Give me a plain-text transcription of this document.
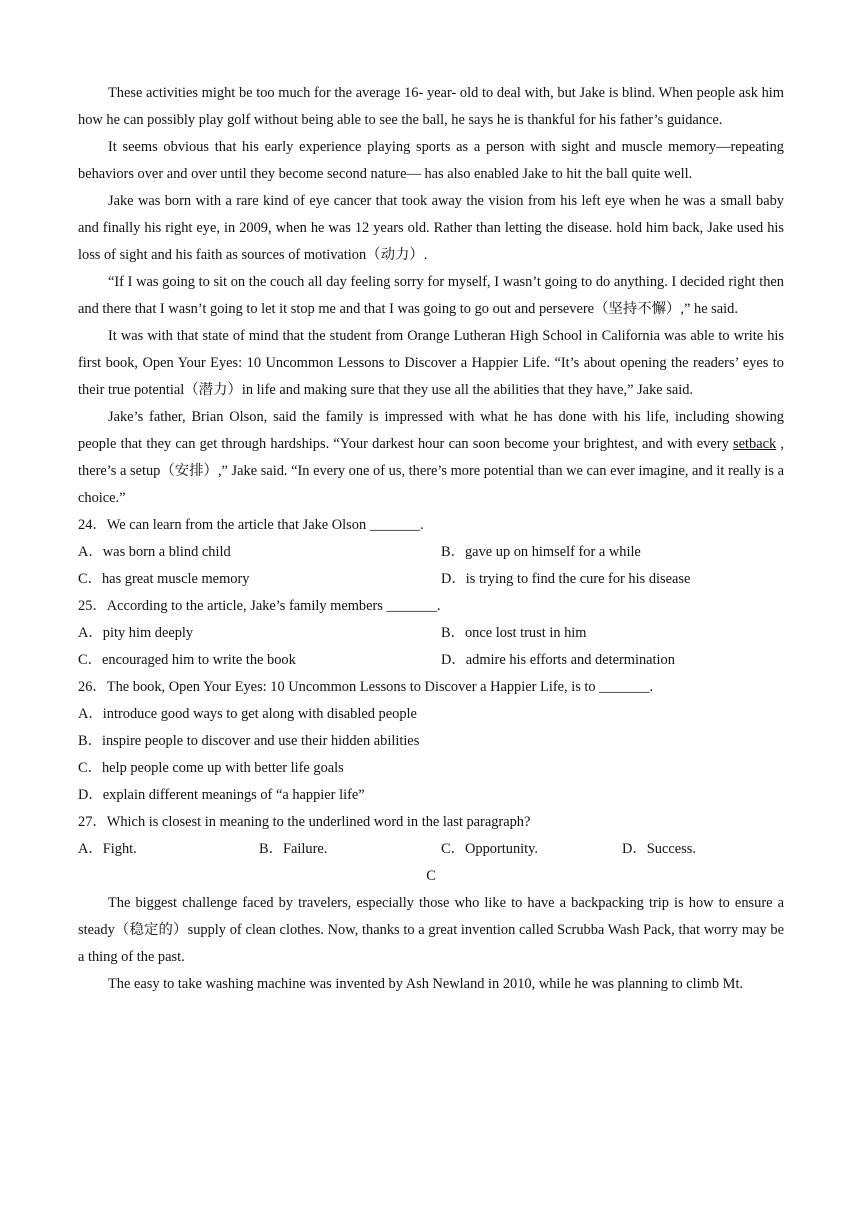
These activities might be too much for the average 16- year- old to deal with, but Jake is blind. When people ask him how he can possibly play golf without being able to see the ball, he says he is thankful for his father’s guidance.

It seems obvious that his early experience playing sports as a person with sight and muscle memory—repeating behaviors over and over until they become second nature— has also enabled Jake to hit the ball quite well.

Jake was born with a rare kind of eye cancer that took away the vision from his left eye when he was a small baby and finally his right eye, in 2009, when he was 12 years old. Rather than letting the disease. hold him back, Jake used his loss of sight and his faith as sources of motivation（动力）.

“If I was going to sit on the couch all day feeling sorry for myself, I wasn’t going to do anything. I decided right then and there that I wasn’t going to let it stop me and that I was going to go out and persevere（坚持不懈）,” he said.

It was with that state of mind that the student from Orange Lutheran High School in California was able to write his first book, Open Your Eyes: 10 Uncommon Lessons to Discover a Happier Life. “It’s about opening the readers’ eyes to their true potential（潜力）in life and making sure that they use all the abilities that they have,” Jake said.

Jake’s father, Brian Olson, said the family is impressed with what he has done with his life, including showing people that they can get through hardships. “Your darkest hour can soon become your brightest, and with every setback , there’s a setup（安排）,” Jake said. “In every one of us, there’s more potential than we can ever imagine, and it really is a choice.”

24．We can learn from the article that Jake Olson _______.

A．was born a blind child	B．gave up on himself for a while
C．has great muscle memory	D．is trying to find the cure for his disease

25．According to the article, Jake’s family members _______.

A．pity him deeply	B．once lost trust in him
C．encouraged him to write the book	D．admire his efforts and determination

26．The book, Open Your Eyes: 10 Uncommon Lessons to Discover a Happier Life, is to _______.

A．introduce good ways to get along with disabled people
B．inspire people to discover and use their hidden abilities
C．help people come up with better life goals
D．explain different meanings of “a happier life”

27．Which is closest in meaning to the underlined word in the last paragraph?

A．Fight.	B．Failure.	C．Opportunity.	D．Success.
C

The biggest challenge faced by travelers, especially those who like to have a backpacking trip is how to ensure a steady（稳定的）supply of clean clothes. Now, thanks to a great invention called Scrubba Wash Pack, that worry may be a thing of the past.

The easy to take washing machine was invented by Ash Newland in 2010, while he was planning to climb Mt.
